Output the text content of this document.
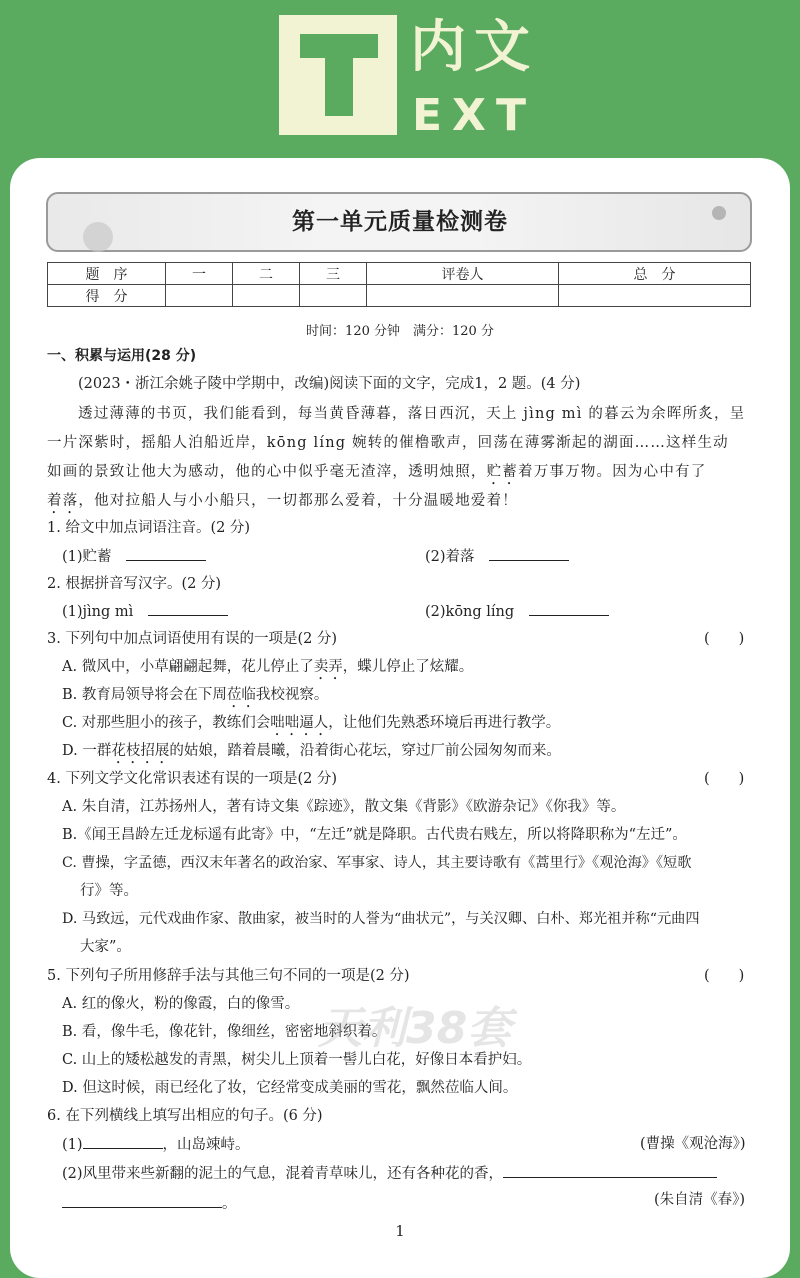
内文
EXT
第一单元质量检测卷
题　序	一	二	三	评卷人	总　分
得　分					
时间：120 分钟　满分：120 分
一、积累与运用(28 分)
(2023・浙江余姚子陵中学期中，改编)阅读下面的文字，完成1，2 题。(4 分)
透过薄薄的书页，我们能看到，每当黄昏薄暮，落日西沉，天上 jìng mì 的暮云为余晖所炙，呈
一片深紫时，摇船人泊船近岸，kōng líng 婉转的催橹歌声，回荡在薄雾渐起的湖面……这样生动
如画的景致让他大为感动，他的心中似乎毫无渣滓，透明烛照，贮蓄着万事万物。因为心中有了
着落，他对拉船人与小小船只，一切都那么爱着，十分温暖地爱着！
1. 给文中加点词语注音。(2 分)
(1)贮蓄　	(2)着落　
2. 根据拼音写汉字。(2 分)
(1)jìng mì　	(2)kōng líng　
3. 下列句中加点词语使用有误的一项是(2 分)	(　　)
A. 微风中，小草翩翩起舞，花儿停止了卖弄，蝶儿停止了炫耀。
B. 教育局领导将会在下周莅临我校视察。
C. 对那些胆小的孩子，教练们会咄咄逼人，让他们先熟悉环境后再进行教学。
D. 一群花枝招展的姑娘，踏着晨曦，沿着街心花坛，穿过厂前公园匆匆而来。
4. 下列文学文化常识表述有误的一项是(2 分)	(　　)
A. 朱自清，江苏扬州人，著有诗文集《踪迹》，散文集《背影》《欧游杂记》《你我》等。
B.《闻王昌龄左迁龙标遥有此寄》中，“左迁”就是降职。古代贵右贱左，所以将降职称为“左迁”。
C. 曹操，字孟德，西汉末年著名的政治家、军事家、诗人，其主要诗歌有《蒿里行》《观沧海》《短歌
行》等。
D. 马致远，元代戏曲作家、散曲家，被当时的人誉为“曲状元”，与关汉卿、白朴、郑光祖并称“元曲四
大家”。
5. 下列句子所用修辞手法与其他三句不同的一项是(2 分)	(　　)
A. 红的像火，粉的像霞，白的像雪。
B. 看，像牛毛，像花针，像细丝，密密地斜织着。
C. 山上的矮松越发的青黑，树尖儿上顶着一髻儿白花，好像日本看护妇。
D. 但这时候，雨已经化了妆，它经常变成美丽的雪花，飘然莅临人间。
天利38套
6. 在下列横线上填写出相应的句子。(6 分)
(1)	，山岛竦峙。	(曹操《观沧海》)
(2)风里带来些新翻的泥土的气息，混着青草味儿，还有各种花的香，
。	(朱自清《春》)
1
